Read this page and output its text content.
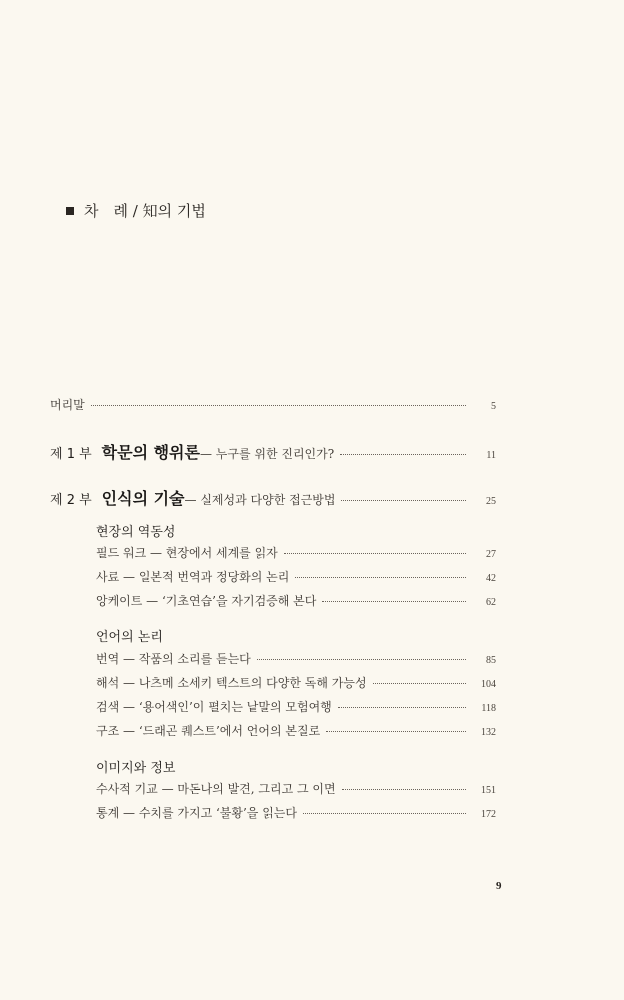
차　례 / 知의 기법
머리말	5
제 1 부 학문의 행위론— 누구를 위한 진리인가?	11
제 2 부 인식의 기술— 실제성과 다양한 접근방법	25
현장의 역동성
필드 워크 — 현장에서 세계를 읽자	27
사료 — 일본적 번역과 정당화의 논리	42
앙케이트 — ‘기초연습’을 자기검증해 본다	62
언어의 논리
번역 — 작품의 소리를 듣는다	85
해석 — 나츠메 소세키 텍스트의 다양한 독해 가능성	104
검색 — ‘용어색인’이 펼치는 낱말의 모험여행	118
구조 — ‘드래곤 퀘스트’에서 언어의 본질로	132
이미지와 정보
수사적 기교 — 마돈나의 발견, 그리고 그 이면	151
통계 — 수치를 가지고 ‘불황’을 읽는다	172
9
